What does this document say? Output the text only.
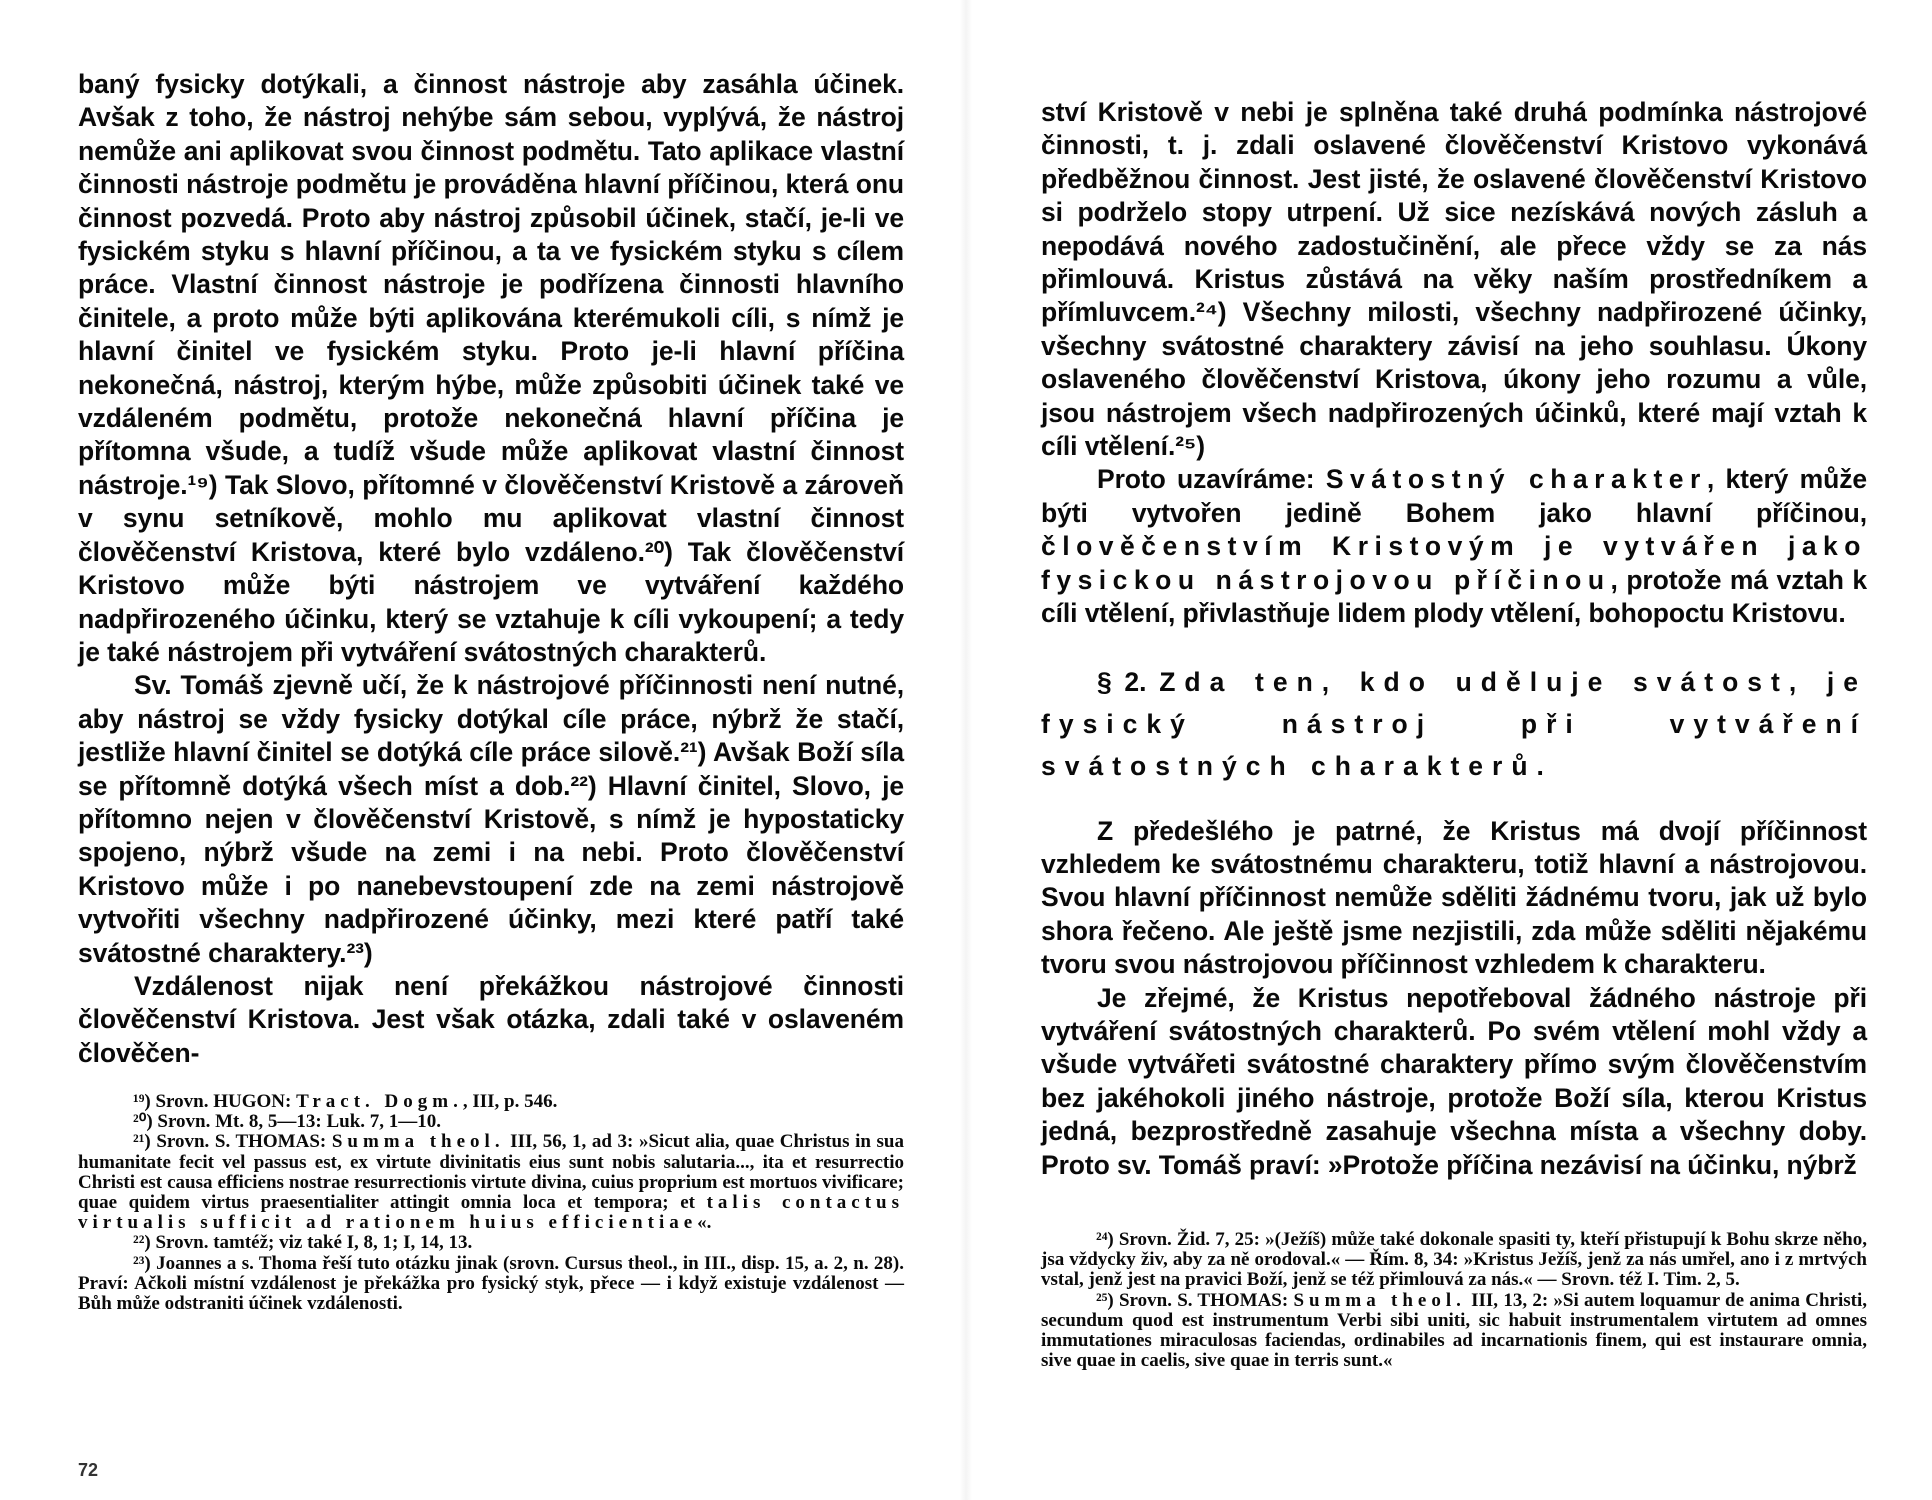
baný fysicky dotýkali, a činnost nástroje aby zasáhla účinek. Avšak z toho, že nástroj nehýbe sám sebou, vyplývá, že nástroj nemůže ani aplikovat svou činnost podmětu. Tato aplikace vlastní činnosti nástroje podmětu je prováděna hlavní příčinou, která onu činnost pozvedá. Proto aby nástroj způsobil účinek, stačí, je-li ve fysickém styku s hlavní příčinou, a ta ve fysickém styku s cílem práce. Vlastní činnost nástroje je podřízena činnosti hlavního činitele, a proto může býti aplikována kterémukoli cíli, s nímž je hlavní činitel ve fysickém styku. Proto je-li hlavní příčina nekonečná, nástroj, kterým hýbe, může způsobiti účinek také ve vzdáleném podmětu, protože nekonečná hlavní příčina je přítomna všude, a tudíž všude může aplikovat vlastní činnost nástroje.¹⁹) Tak Slovo, přítomné v člověčenství Kristově a zároveň v synu setníkově, mohlo mu aplikovat vlastní činnost člověčenství Kristova, které bylo vzdáleno.²⁰) Tak člověčenství Kristovo může býti nástrojem ve vytváření každého nadpřirozeného účinku, který se vztahuje k cíli vykoupení; a tedy je také nástrojem při vytváření svátostných charakterů.

Sv. Tomáš zjevně učí, že k nástrojové příčinnosti není nutné, aby nástroj se vždy fysicky dotýkal cíle práce, nýbrž že stačí, jestliže hlavní činitel se dotýká cíle práce silově.²¹) Avšak Boží síla se přítomně dotýká všech míst a dob.²²) Hlavní činitel, Slovo, je přítomno nejen v člověčenství Kristově, s nímž je hypostaticky spojeno, nýbrž všude na zemi i na nebi. Proto člověčenství Kristovo může i po nanebevstoupení zde na zemi nástrojově vytvořiti všechny nadpřirozené účinky, mezi které patří také svátostné charaktery.²³)

Vzdálenost nijak není překážkou nástrojové činnosti člověčenství Kristova. Jest však otázka, zdali také v oslaveném člověčen-

¹⁹) Srovn. HUGON: Tract. Dogm., III, p. 546.

²⁰) Srovn. Mt. 8, 5—13: Luk. 7, 1—10.

²¹) Srovn. S. THOMAS: Summa theol. III, 56, 1, ad 3: »Sicut alia, quae Christus in sua humanitate fecit vel passus est, ex virtute divinitatis eius sunt nobis salutaria..., ita et resurrectio Christi est causa efficiens nostrae resurrectionis virtute divina, cuius proprium est mortuos vivificare; quae quidem virtus praesentialiter attingit omnia loca et tempora; et talis contactus virtualis sufficit ad rationem huius efficientiae«.

²²) Srovn. tamtéž; viz také I, 8, 1; I, 14, 13.

²³) Joannes a s. Thoma řeší tuto otázku jinak (srovn. Cursus theol., in III., disp. 15, a. 2, n. 28). Praví: Ačkoli místní vzdálenost je překážka pro fysický styk, přece — i když existuje vzdálenost — Bůh může odstraniti účinek vzdálenosti.

72

ství Kristově v nebi je splněna také druhá podmínka nástrojové činnosti, t. j. zdali oslavené člověčenství Kristovo vykonává předběžnou činnost. Jest jisté, že oslavené člověčenství Kristovo si podrželo stopy utrpení. Už sice nezískává nových zásluh a nepodává nového zadostučinění, ale přece vždy se za nás přimlouvá. Kristus zůstává na věky naším prostředníkem a přímluvcem.²⁴) Všechny milosti, všechny nadpřirozené účinky, všechny svátostné charaktery závisí na jeho souhlasu. Úkony oslaveného člověčenství Kristova, úkony jeho rozumu a vůle, jsou nástrojem všech nadpřirozených účinků, které mají vztah k cíli vtělení.²⁵)

Proto uzavíráme: Svátostný charakter, který může býti vytvořen jedině Bohem jako hlavní příčinou, člověčenstvím Kristovým je vytvářen jako fysickou nástrojovou příčinou, protože má vztah k cíli vtělení, přivlastňuje lidem plody vtělení, bohopoctu Kristovu.

§ 2. Zda ten, kdo uděluje svátost, je fysický nástroj při vytváření svátostných charakterů.

Z předešlého je patrné, že Kristus má dvojí příčinnost vzhledem ke svátostnému charakteru, totiž hlavní a nástrojovou. Svou hlavní příčinnost nemůže sděliti žádnému tvoru, jak už bylo shora řečeno. Ale ještě jsme nezjistili, zda může sděliti nějakému tvoru svou nástrojovou příčinnost vzhledem k charakteru.

Je zřejmé, že Kristus nepotřeboval žádného nástroje při vytváření svátostných charakterů. Po svém vtělení mohl vždy a všude vytvářeti svátostné charaktery přímo svým člověčenstvím bez jakéhokoli jiného nástroje, protože Boží síla, kterou Kristus jedná, bezprostředně zasahuje všechna místa a všechny doby. Proto sv. Tomáš praví: »Protože příčina nezávisí na účinku, nýbrž

²⁴) Srovn. Žid. 7, 25: »(Ježíš) může také dokonale spasiti ty, kteří přistupují k Bohu skrze něho, jsa vždycky živ, aby za ně orodoval.« — Řím. 8, 34: »Kristus Ježíš, jenž za nás umřel, ano i z mrtvých vstal, jenž jest na pravici Boží, jenž se též přimlouvá za nás.« — Srovn. též I. Tim. 2, 5.

²⁵) Srovn. S. THOMAS: Summa theol. III, 13, 2: »Si autem loquamur de anima Christi, secundum quod est instrumentum Verbi sibi uniti, sic habuit instrumentalem virtutem ad omnes immutationes miraculosas faciendas, ordinabiles ad incarnationis finem, qui est instaurare omnia, sive quae in caelis, sive quae in terris sunt.«
